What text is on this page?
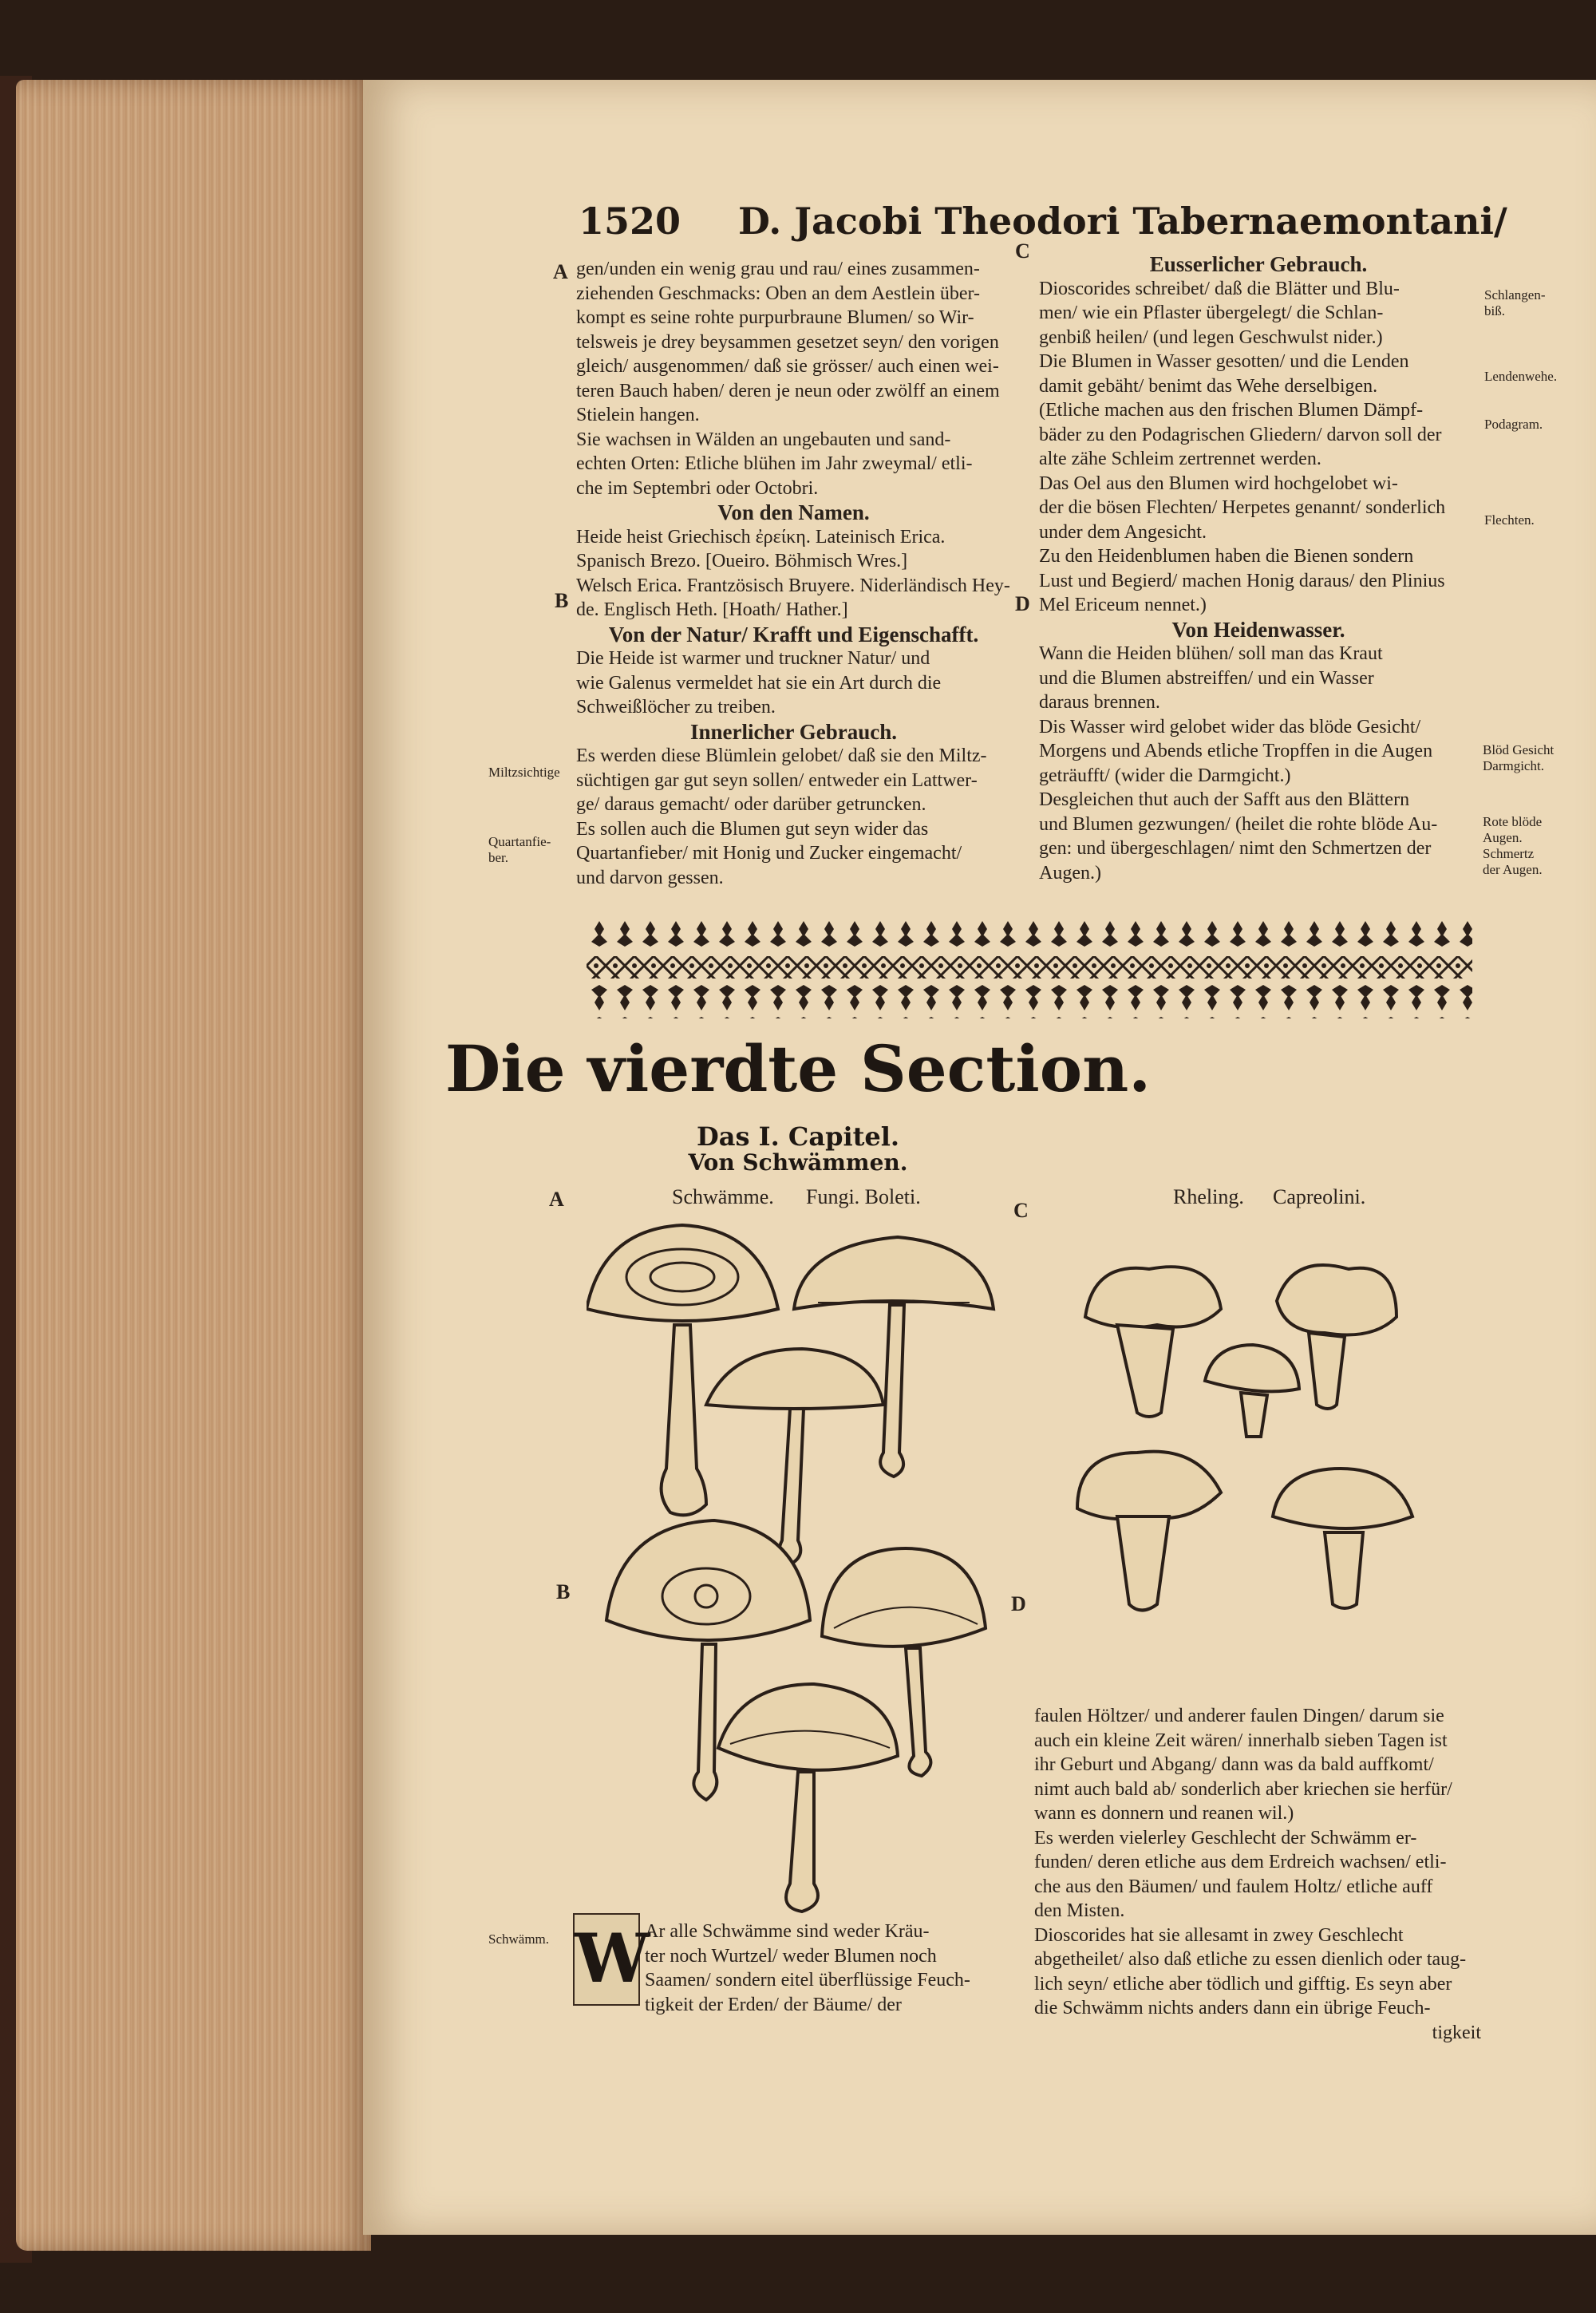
1520 D. Jacobi Theodori Tabernaemontani/
A
C
B	D

gen/unden ein wenig grau und rau/ eines zusammen-

ziehenden Geschmacks: Oben an dem Aestlein über-

kompt es seine rohte purpurbraune Blumen/ so Wir-

telsweis je drey beysammen gesetzet seyn/ den vorigen

gleich/ ausgenommen/ daß sie grösser/ auch einen wei-

teren Bauch haben/ deren je neun oder zwölff an einem

Stielein hangen.

Sie wachsen in Wälden an ungebauten und sand-

echten Orten: Etliche blühen im Jahr zweymal/ etli-

che im Septembri oder Octobri.

Von den Namen.

Heide heist Griechisch ἐρείκη. Lateinisch Erica.

Spanisch Brezo. [Oueiro. Böhmisch Wres.]

Welsch Erica. Frantzösisch Bruyere. Niderländisch Hey-

de. Englisch Heth. [Hoath/ Hather.]

Von der Natur/ Krafft und Eigenschafft.

Die Heide ist warmer und truckner Natur/ und

wie Galenus vermeldet hat sie ein Art durch die

Schweißlöcher zu treiben.

Innerlicher Gebrauch.

Es werden diese Blümlein gelobet/ daß sie den Miltz-

süchtigen gar gut seyn sollen/ entweder ein Lattwer-

ge/ daraus gemacht/ oder darüber getruncken.

Es sollen auch die Blumen gut seyn wider das

Quartanfieber/ mit Honig und Zucker eingemacht/

und darvon gessen.

Eusserlicher Gebrauch.

Dioscorides schreibet/ daß die Blätter und Blu-

men/ wie ein Pflaster übergelegt/ die Schlan-

genbiß heilen/ (und legen Geschwulst nider.)

Die Blumen in Wasser gesotten/ und die Lenden

damit gebäht/ benimt das Wehe derselbigen.

(Etliche machen aus den frischen Blumen Dämpf-

bäder zu den Podagrischen Gliedern/ darvon soll der

alte zähe Schleim zertrennet werden.

Das Oel aus den Blumen wird hochgelobet wi-

der die bösen Flechten/ Herpetes genannt/ sonderlich

under dem Angesicht.

Zu den Heidenblumen haben die Bienen sondern

Lust und Begierd/ machen Honig daraus/ den Plinius

Mel Ericeum nennet.)

Von Heidenwasser.

Wann die Heiden blühen/ soll man das Kraut

und die Blumen abstreiffen/ und ein Wasser

daraus brennen.

Dis Wasser wird gelobet wider das blöde Gesicht/

Morgens und Abends etliche Tropffen in die Augen

geträufft/ (wider die Darmgicht.)

Desgleichen thut auch der Safft aus den Blättern

und Blumen gezwungen/ (heilet die rohte blöde Au-

gen: und übergeschlagen/ nimt den Schmertzen der

Augen.)

Schlangen-
biß.
Lendenwehe.
Podagram.
Flechten.
Blöd Gesicht
Darmgicht.
Rote blöde
Augen.
Schmertz
der Augen.
Miltzsichtige
Quartanfie-
ber.
Schwämm.
Die vierdte Section.
Das I. Capitel.
Von Schwämmen.
A	Schwämme. Fungi. Boleti.
C
Rheling. Capreolini.
B
D

faulen Höltzer/ und anderer faulen Dingen/ darum sie

auch ein kleine Zeit wären/ innerhalb sieben Tagen ist

ihr Geburt und Abgang/ dann was da bald auffkomt/

nimt auch bald ab/ sonderlich aber kriechen sie herfür/

wann es donnern und reanen wil.)

Es werden vielerley Geschlecht der Schwämm er-

funden/ deren etliche aus dem Erdreich wachsen/ etli-

che aus den Bäumen/ und faulem Holtz/ etliche auff

den Misten.

Dioscorides hat sie allesamt in zwey Geschlecht

abgetheilet/ also daß etliche zu essen dienlich oder taug-

lich seyn/ etliche aber tödlich und gifftig. Es seyn aber

die Schwämm nichts anders dann ein übrige Feuch-

tigkeit

W

Ar alle Schwämme sind weder Kräu-

ter noch Wurtzel/ weder Blumen noch

Saamen/ sondern eitel überflüssige Feuch-

tigkeit der Erden/ der Bäume/ der
